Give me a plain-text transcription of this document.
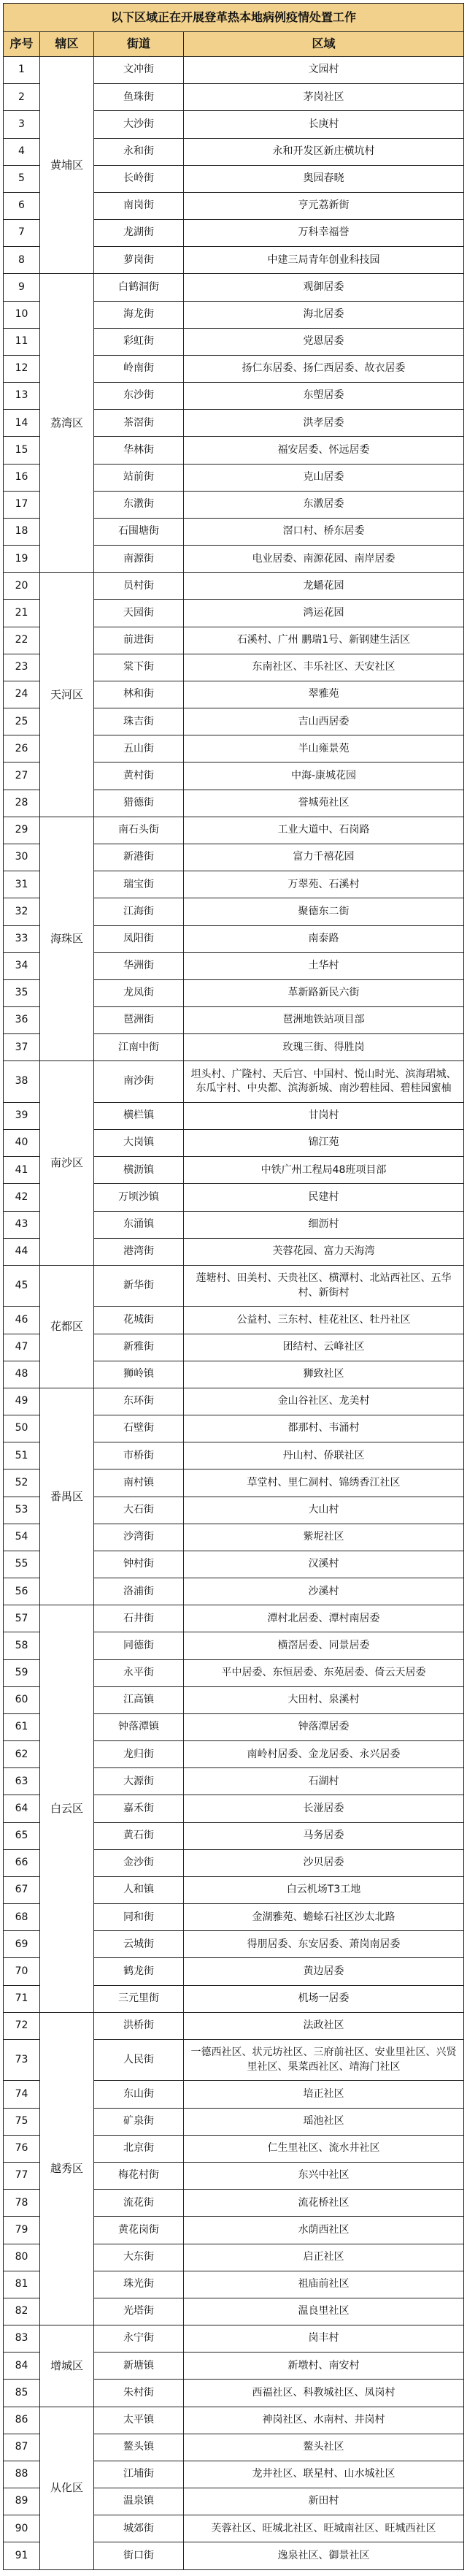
以下区域正在开展登革热本地病例疫情处置工作
序号	辖区	街道	区域
1	黄埔区	文冲街	文园村
2		鱼珠街	茅岗社区
3		大沙街	长庚村
4		永和街	永和开发区新庄横坑村
5		长岭街	奥园春晓
6		南岗街	亨元荔新街
7		龙湖街	万科幸福誉
8		萝岗街	中建三局青年创业科技园
9	荔湾区	白鹤洞街	观御居委
10		海龙街	海北居委
11		彩虹街	党恩居委
12		岭南街	扬仁东居委、扬仁西居委、故衣居委
13		东沙街	东塱居委
14		茶滘街	洪孝居委
15		华林街	福安居委、怀远居委
16		站前街	克山居委
17		东漖街	东漖居委
18		石围塘街	滘口村、桥东居委
19		南源街	电业居委、南源花园、南岸居委
20	天河区	员村街	龙蟠花园
21		天园街	鸿运花园
22		前进街	石溪村、广州 鹏瑞1号、新钢建生活区
23		棠下街	东南社区、丰乐社区、天安社区
24		林和街	翠雅苑
25		珠吉街	吉山西居委
26		五山街	半山雍景苑
27		黄村街	中海-康城花园
28		猎德街	誉城苑社区
29	海珠区	南石头街	工业大道中、石岗路
30		新港街	富力千禧花园
31		瑞宝街	万翠苑、石溪村
32		江海街	聚德东二街
33		凤阳街	南泰路
34		华洲街	土华村
35		龙凤街	革新路新民六街
36		琶洲街	琶洲地铁站项目部
37		江南中街	玫瑰三街、得胜岗
38	南沙区	南沙街	坦头村、广隆村、天后宫、中国村、悦山时光、滨海珺城、东瓜宇村、中央都、滨海新城、南沙碧桂园、碧桂园蜜柚
39		横栏镇	甘岗村
40		大岗镇	锦江苑
41		横沥镇	中铁广州工程局48班项目部
42		万顷沙镇	民建村
43		东涌镇	细沥村
44		港湾街	芙蓉花园、富力天海湾
45	花都区	新华街	莲塘村、田美村、天贵社区、横潭村、北站西社区、五华村、新街村
46		花城街	公益村、三东村、桂花社区、牡丹社区
47		新雅街	团结村、云峰社区
48		狮岭镇	狮致社区
49	番禺区	东环街	金山谷社区、龙美村
50		石壁街	都那村、韦涌村
51		市桥街	丹山村、侨联社区
52		南村镇	草堂村、里仁洞村、锦绣香江社区
53		大石街	大山村
54		沙湾街	紫坭社区
55		钟村街	汉溪村
56		洛浦街	沙溪村
57	白云区	石井街	潭村北居委、潭村南居委
58		同德街	横滘居委、同景居委
59		永平街	平中居委、东恒居委、东苑居委、倚云天居委
60		江高镇	大田村、泉溪村
61		钟落潭镇	钟落潭居委
62		龙归街	南岭村居委、金龙居委、永兴居委
63		大源街	石湖村
64		嘉禾街	长湴居委
65		黄石街	马务居委
66		金沙街	沙贝居委
67		人和镇	白云机场T3工地
68		同和街	金湖雅苑、蟾蜍石社区沙太北路
69		云城街	得朋居委、东安居委、萧岗南居委
70		鹤龙街	黄边居委
71		三元里街	机场一居委
72	越秀区	洪桥街	法政社区
73		人民街	一德西社区、状元坊社区、三府前社区、安业里社区、兴贤里社区、果菜西社区、靖海门社区
74		东山街	培正社区
75		矿泉街	瑶池社区
76		北京街	仁生里社区、流水井社区
77		梅花村街	东兴中社区
78		流花街	流花桥社区
79		黄花岗街	水荫西社区
80		大东街	启正社区
81		珠光街	祖庙前社区
82		光塔街	温良里社区
83	增城区	永宁街	岗丰村
84		新塘镇	新墩村、南安村
85		朱村街	西福社区、科教城社区、凤岗村
86	从化区	太平镇	神岗社区、水南村、井岗村
87		鳌头镇	鳌头社区
88		江埔街	龙井社区、联星村、山水城社区
89		温泉镇	新田村
90		城郊街	芙蓉社区、旺城北社区、旺城南社区、旺城西社区
91		街口街	逸泉社区、御景社区
